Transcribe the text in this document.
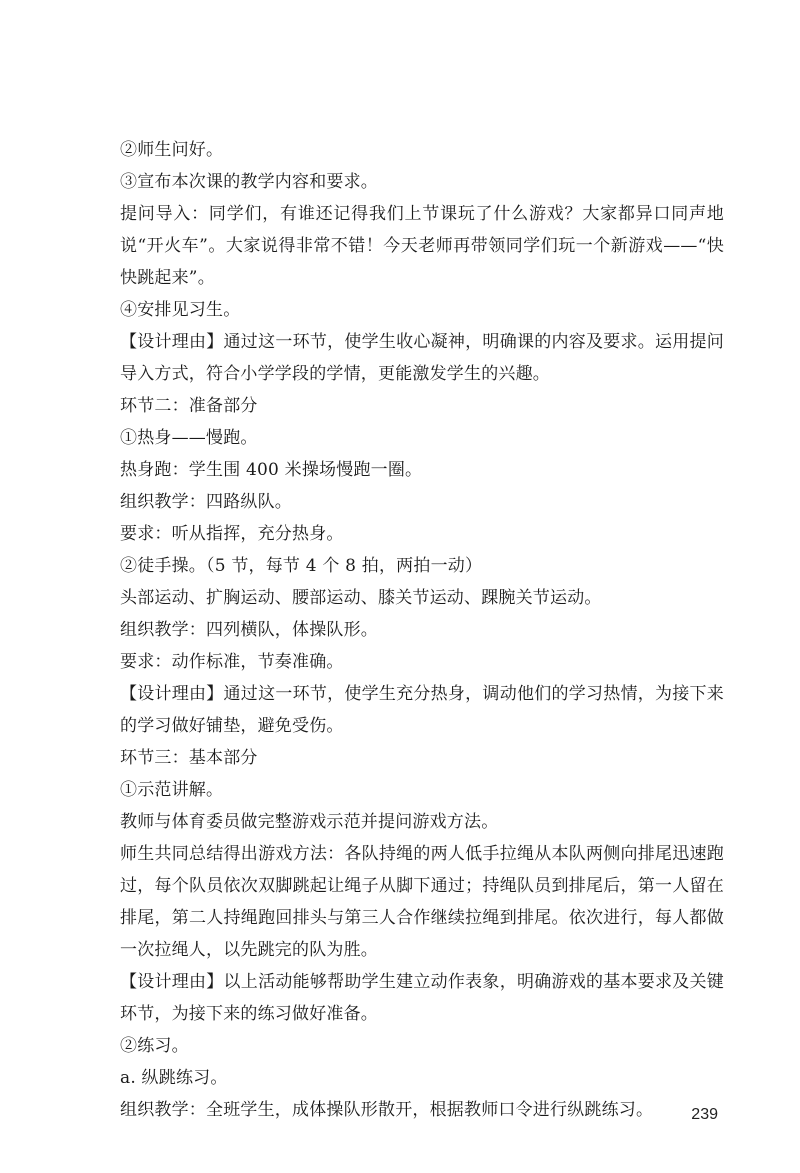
②师生问好。

③宣布本次课的教学内容和要求。

提问导入：同学们，有谁还记得我们上节课玩了什么游戏？大家都异口同声地说“开火车”。大家说得非常不错！今天老师再带领同学们玩一个新游戏——“快快跳起来”。

④安排见习生。

【设计理由】通过这一环节，使学生收心凝神，明确课的内容及要求。运用提问导入方式，符合小学学段的学情，更能激发学生的兴趣。

环节二：准备部分

①热身——慢跑。

热身跑：学生围 400 米操场慢跑一圈。

组织教学：四路纵队。

要求：听从指挥，充分热身。

②徒手操。（5 节，每节 4 个 8 拍，两拍一动）

头部运动、扩胸运动、腰部运动、膝关节运动、踝腕关节运动。

组织教学：四列横队，体操队形。

要求：动作标准，节奏准确。

【设计理由】通过这一环节，使学生充分热身，调动他们的学习热情，为接下来的学习做好铺垫，避免受伤。

环节三：基本部分

①示范讲解。

教师与体育委员做完整游戏示范并提问游戏方法。

师生共同总结得出游戏方法：各队持绳的两人低手拉绳从本队两侧向排尾迅速跑过，每个队员依次双脚跳起让绳子从脚下通过；持绳队员到排尾后，第一人留在排尾，第二人持绳跑回排头与第三人合作继续拉绳到排尾。依次进行，每人都做一次拉绳人，以先跳完的队为胜。

【设计理由】以上活动能够帮助学生建立动作表象，明确游戏的基本要求及关键环节，为接下来的练习做好准备。

②练习。

a. 纵跳练习。

组织教学：全班学生，成体操队形散开，根据教师口令进行纵跳练习。	239
